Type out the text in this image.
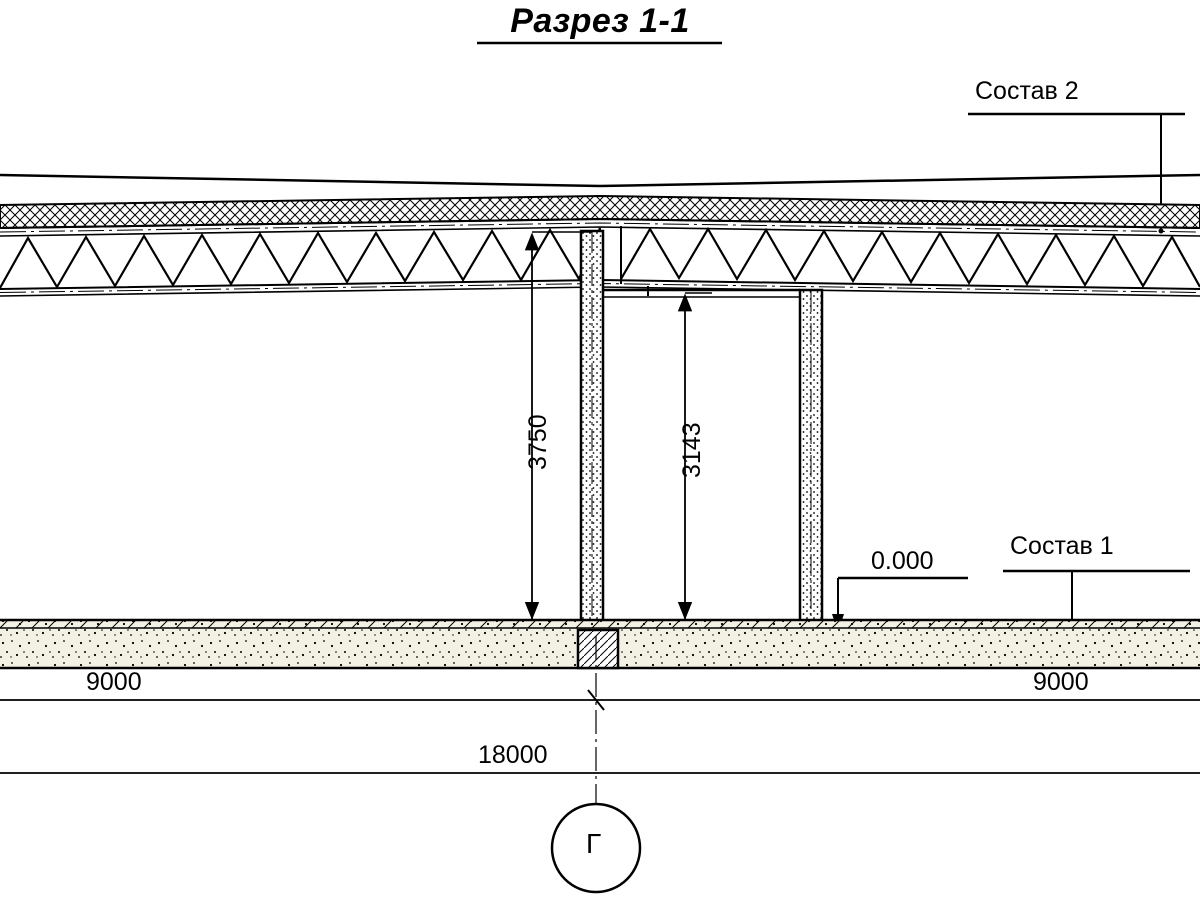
Разрез 1-1
Состав 2
Состав 1
0.000
3750	3143
9000	9000
18000
Г
